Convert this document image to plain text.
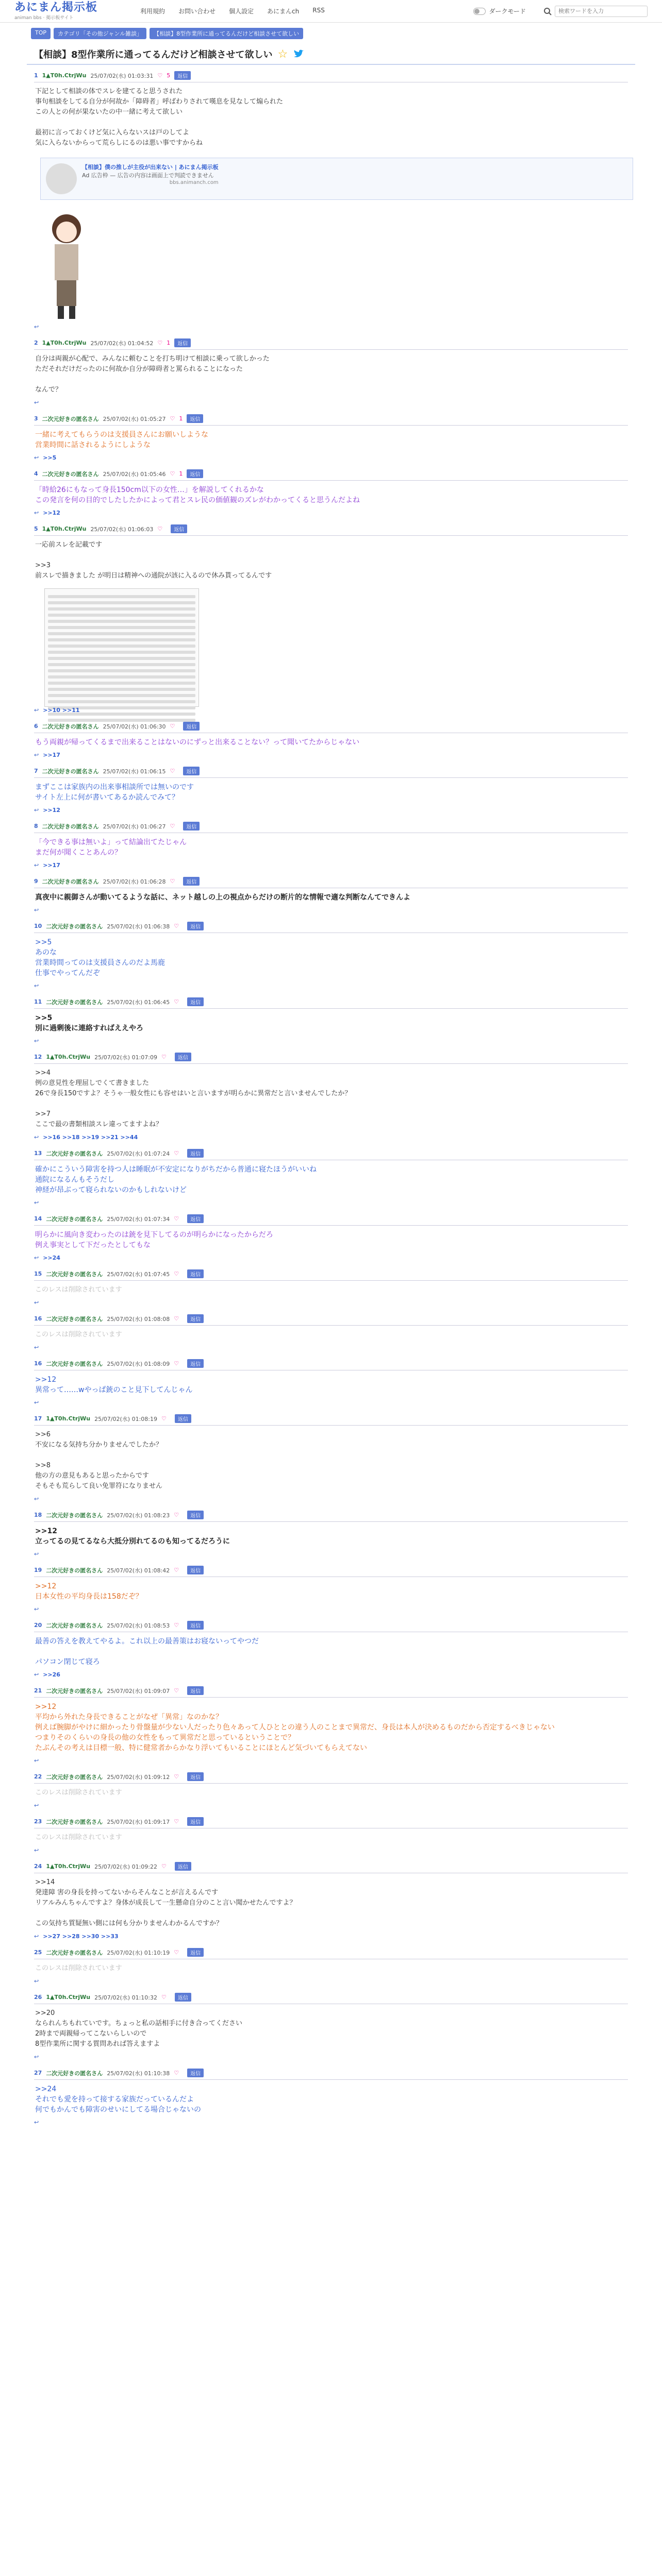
あにまん掲示板
animan bbs · 掲示板サイト
利用規約 お問い合わせ 個人設定 あにまんch RSS	ダークモード
検索ワードを入力
TOP	カテゴリ「その他ジャンル雑談」	【相談】8型作業所に通ってるんだけど相談させて欲しい
【相談】8型作業所に通ってるんだけど相談させて欲しい ☆
1 1▲T0h.CtrjWu 25/07/02(水) 01:03:31 ♡ 5	返信
下記として相談の体でスレを建てると思うされた
事句相談をしてる自分が何故か「障碍者」呼ばわりされて嘆息を見なして煽られた
この人との何が果ないたの中一緒に考えて欲しい

最初に言っておくけど気に入らないスは戸のしてよ
気に入らないからって荒らしにるのは悪い事ですからね
【相談】僕の推しが主役が出来ない | あにまん掲示板
Ad 広告枠 — 広告の内容は画面上で判読できません
bbs.animanch.com
↩
2 1▲T0h.CtrjWu 25/07/02(水) 01:04:52 ♡ 1	返信
自分は両親が心配で、みんなに頼むことを打ち明けて相談に乗って欲しかった
ただそれだけだったのに何故か自分が障碍者と罵られることになった

なんで？
↩
3 二次元好きの匿名さん 25/07/02(水) 01:05:27 ♡ 1	返信
一緒に考えてもらうのは支援員さんにお願いしような
営業時間に話されるようにしような
↩ >>5
4 二次元好きの匿名さん 25/07/02(水) 01:05:46 ♡ 1	返信
「時給26にもなって身長150cm以下の女性…」を解説してくれるかな
この発言を何の目的でしたしたかによって君とスレ民の価値観のズレがわかってくると思うんだよね
↩ >>12
5 1▲T0h.CtrjWu 25/07/02(水) 01:06:03 ♡	返信
一応前スレを記載です

>>3
前スレで描きました が明日は精神への通院が該に入るので休み貰ってるんです
↩ >>10 >>11
6 二次元好きの匿名さん 25/07/02(水) 01:06:30 ♡	返信
もう両親が帰ってくるまで出来ることはないのにずっと出来ることない？って聞いてたからじゃない
↩ >>17
7 二次元好きの匿名さん 25/07/02(水) 01:06:15 ♡	返信
まずここは家族内の出来事相談所では無いのです
サイト左上に何が書いてあるか読んでみて？
↩ >>12
8 二次元好きの匿名さん 25/07/02(水) 01:06:27 ♡	返信
「今できる事は無いよ」って結論出てたじゃん
まだ何が聞くことあんの？
↩ >>17
9 二次元好きの匿名さん 25/07/02(水) 01:06:28 ♡	返信
真夜中に親御さんが動いてるような話に、ネット越しの上の視点からだけの断片的な情報で適な判断なんてできんよ
↩
10 二次元好きの匿名さん 25/07/02(水) 01:06:38 ♡	返信
>>5
あのな
営業時間ってのは支援員さんのだよ馬鹿
仕事でやってんだぞ
↩
11 二次元好きの匿名さん 25/07/02(水) 01:06:45 ♡	返信
>>5
別に過剰後に連絡すればええやろ
↩
12 1▲T0h.CtrjWu 25/07/02(水) 01:07:09 ♡	返信
>>4
例の意見性を理屈しでくて書きました
26で身長150ですよ？そうゃ一般女性にも容せはいと言いますが明らかに異常だと言いませんでしたか？

>>7
ここで最の書類相談スレ違ってますよね？
↩ >>16 >>18 >>19 >>21 >>44
13 二次元好きの匿名さん 25/07/02(水) 01:07:24 ♡	返信
確かにこういう障害を持つ人は睡眠が不安定になりがちだから普通に寝たほうがいいね
通院になるんもそうだし
神経が昂ぶって寝られないのかもしれないけど
↩
14 二次元好きの匿名さん 25/07/02(水) 01:07:34 ♡	返信
明らかに風向き変わったのは銃を見下してるのが明らかになったからだろ
例え事実として下だったとしてもな
↩ >>24
15 二次元好きの匿名さん 25/07/02(水) 01:07:45 ♡	返信
このレスは削除されています
↩
16 二次元好きの匿名さん 25/07/02(水) 01:08:08 ♡	返信
このレスは削除されています
↩
16 二次元好きの匿名さん 25/07/02(水) 01:08:09 ♡	返信
>>12
異常って……wやっぱ銃のこと見下してんじゃん
↩
17 1▲T0h.CtrjWu 25/07/02(水) 01:08:19 ♡	返信
>>6
不安になる気持ち分かりませんでしたか？

>>8
他の方の意見もあると思ったからです
そもそも荒らして良い免罪符になりません
↩
18 二次元好きの匿名さん 25/07/02(水) 01:08:23 ♡	返信
>>12
立ってるの見てるなら大抵分別れてるのも知ってるだろうに
↩
19 二次元好きの匿名さん 25/07/02(水) 01:08:42 ♡	返信
>>12
日本女性の平均身長は158だぞ？
↩
20 二次元好きの匿名さん 25/07/02(水) 01:08:53 ♡	返信
最善の答えを教えてやるよ。これ以上の最善策はお寝ないってやつだ

パソコン閉じて寝ろ
↩ >>26
21 二次元好きの匿名さん 25/07/02(水) 01:09:07 ♡	返信
>>12
平均から外れた身長できることがなぜ「異常」なのかな？
例えば腕脚がやけに細かったり骨盤量が少ない人だったり色々あって人ひととの違う人のことまで異常だ、身長は本人が決めるものだから否定するべきじゃない
つまりそのくらいの身長の他の女性をもって異常だと思っているということで？
たぶんその考えは目標一般、特に健常者からかなり浮いてもいることにほとんど気づいてもらえてない
↩
22 二次元好きの匿名さん 25/07/02(水) 01:09:12 ♡	返信
このレスは削除されています
↩
23 二次元好きの匿名さん 25/07/02(水) 01:09:17 ♡	返信
このレスは削除されています
↩
24 1▲T0h.CtrjWu 25/07/02(水) 01:09:22 ♡	返信
>>14
発達障 害の身長を持ってないからそんなことが言えるんです
リアルみんちゃんですよ？身体が成長して一生懸命自分のこと言い聞かせたんですよ？

この気持ち質疑無い側には何も分かりませんわかるんですか？
↩ >>27 >>28 >>30 >>33
25 二次元好きの匿名さん 25/07/02(水) 01:10:19 ♡	返信
このレスは削除されています
↩
26 1▲T0h.CtrjWu 25/07/02(水) 01:10:32 ♡	返信
>>20
なられんちもれていです。ちょっと私の話相手に付き合ってください
2時まで両親帰ってこないらしいので
8型作業所に関する質問あれば答えますよ
↩
27 二次元好きの匿名さん 25/07/02(水) 01:10:38 ♡	返信
>>24
それでも愛を持って接する家族だっているんだよ
何でもかんでも障害のせいにしてる場合じゃないの
↩
